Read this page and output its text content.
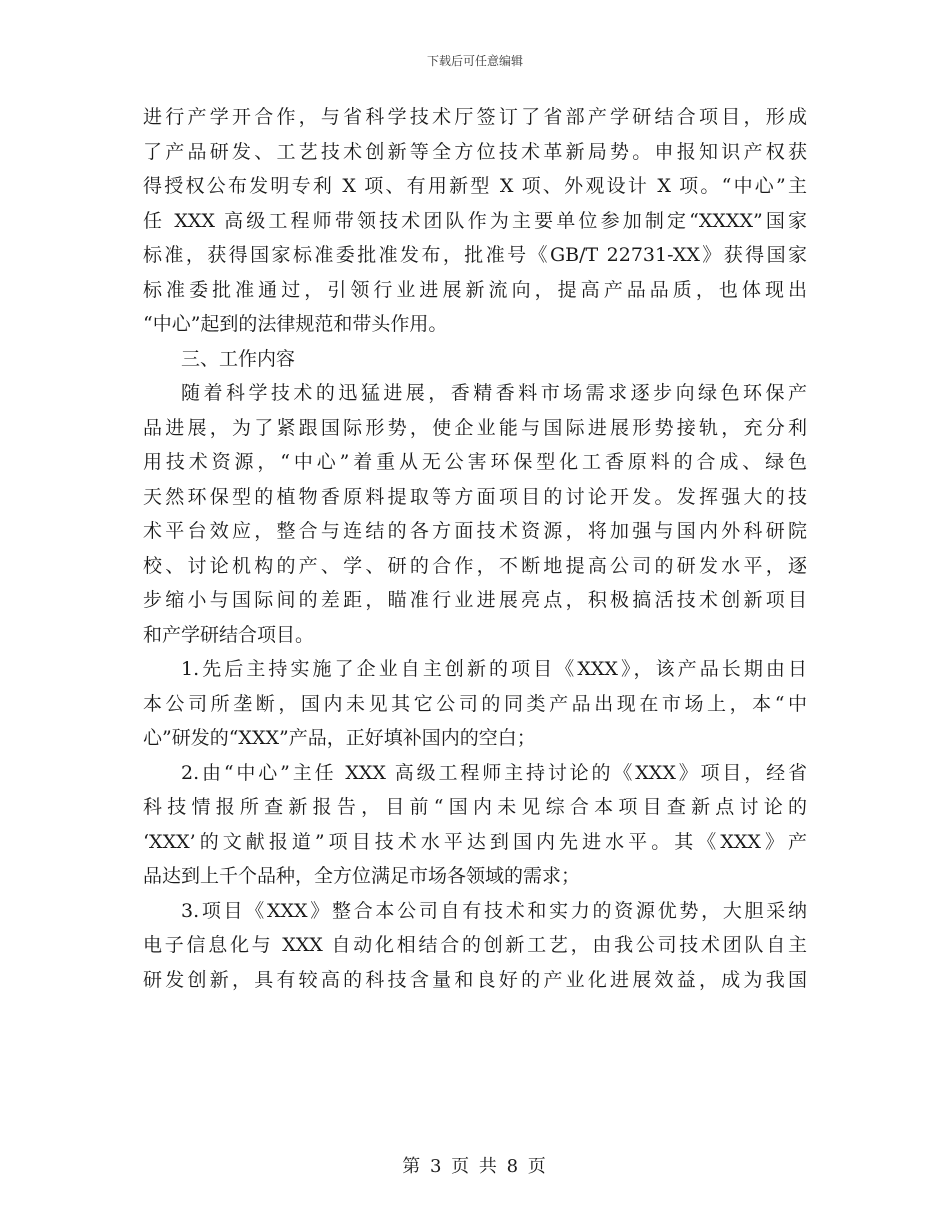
下载后可任意编辑
进行产学开合作，与省科学技术厅签订了省部产学研结合项目，形成
了产品研发、工艺技术创新等全方位技术革新局势。申报知识产权获
得授权公布发明专利 X 项、有用新型 X 项、外观设计 X 项。“中心”主
任 XXX 高级工程师带领技术团队作为主要单位参加制定“XXXX”国家
标准，获得国家标准委批准发布，批准号《GB/T 22731-XX》获得国家
标准委批准通过，引领行业进展新流向，提高产品品质，也体现出
“中心”起到的法律规范和带头作用。
三、工作内容
随着科学技术的迅猛进展，香精香料市场需求逐步向绿色环保产
品进展，为了紧跟国际形势，使企业能与国际进展形势接轨，充分利
用技术资源，“中心”着重从无公害环保型化工香原料的合成、绿色
天然环保型的植物香原料提取等方面项目的讨论开发。发挥强大的技
术平台效应，整合与连结的各方面技术资源，将加强与国内外科研院
校、讨论机构的产、学、研的合作，不断地提高公司的研发水平，逐
步缩小与国际间的差距，瞄准行业进展亮点，积极搞活技术创新项目
和产学研结合项目。
1.先后主持实施了企业自主创新的项目《XXX》，该产品长期由日
本公司所垄断，国内未见其它公司的同类产品出现在市场上，本“中
心”研发的“XXX”产品，正好填补国内的空白；
2.由“中心”主任 XXX 高级工程师主持讨论的《XXX》项目，经省
科技情报所查新报告，目前“国内未见综合本项目查新点讨论的
‘XXX’的文献报道”项目技术水平达到国内先进水平。其《XXX》产
品达到上千个品种，全方位满足市场各领域的需求；
3.项目《XXX》整合本公司自有技术和实力的资源优势，大胆采纳
电子信息化与 XXX 自动化相结合的创新工艺，由我公司技术团队自主
研发创新，具有较高的科技含量和良好的产业化进展效益，成为我国
第 3 页 共 8 页
